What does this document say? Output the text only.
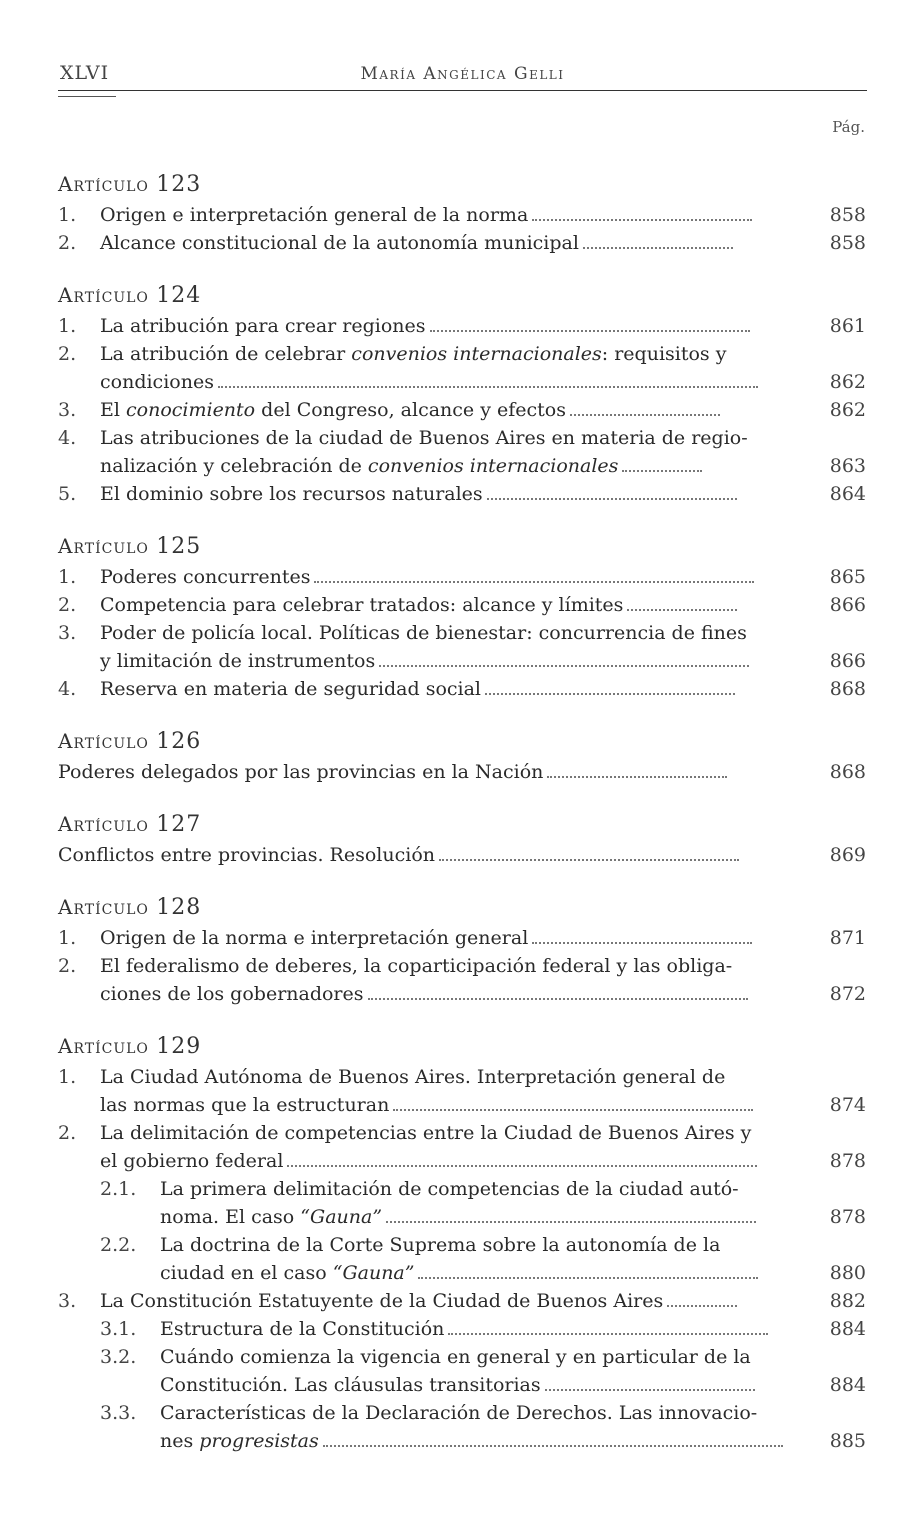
XLVI	María Angélica Gelli
Pág.
Artículo 123
1.	Origen e interpretación general de la norma	858
2.	Alcance constitucional de la autonomía municipal	858
Artículo 124
1.	La atribución para crear regiones	861
2.	La atribución de celebrar convenios internacionales: requisitos y
condiciones	862
3.	El conocimiento del Congreso, alcance y efectos	862
4.	Las atribuciones de la ciudad de Buenos Aires en materia de regio-
nalización y celebración de convenios internacionales	863
5.	El dominio sobre los recursos naturales	864
Artículo 125
1.	Poderes concurrentes	865
2.	Competencia para celebrar tratados: alcance y límites	866
3.	Poder de policía local. Políticas de bienestar: concurrencia de fines
y limitación de instrumentos	866
4.	Reserva en materia de seguridad social	868
Artículo 126
Poderes delegados por las provincias en la Nación	868
Artículo 127
Conflictos entre provincias. Resolución	869
Artículo 128
1.	Origen de la norma e interpretación general	871
2.	El federalismo de deberes, la coparticipación federal y las obliga-
ciones de los gobernadores	872
Artículo 129
1.	La Ciudad Autónoma de Buenos Aires. Interpretación general de
las normas que la estructuran	874
2.	La delimitación de competencias entre la Ciudad de Buenos Aires y
el gobierno federal	878
2.1.	La primera delimitación de competencias de la ciudad autó-
noma. El caso “Gauna”	878
2.2.	La doctrina de la Corte Suprema sobre la autonomía de la
ciudad en el caso “Gauna”	880
3.	La Constitución Estatuyente de la Ciudad de Buenos Aires	882
3.1.	Estructura de la Constitución	884
3.2.	Cuándo comienza la vigencia en general y en particular de la
Constitución. Las cláusulas transitorias	884
3.3.	Características de la Declaración de Derechos. Las innovacio-
nes progresistas	885
